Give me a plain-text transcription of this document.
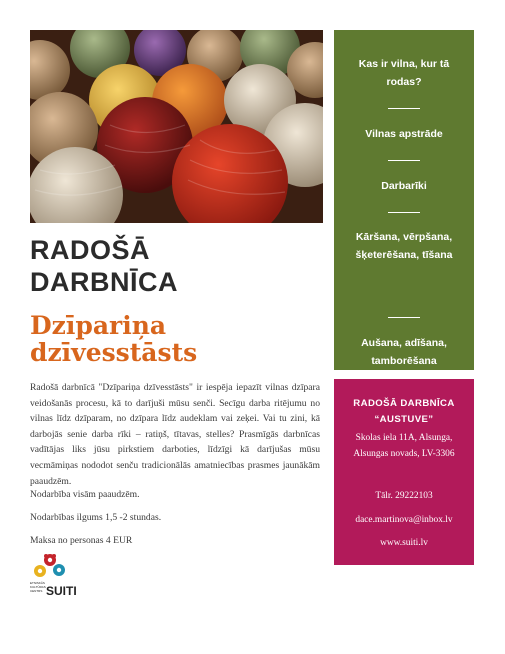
RADOŠĀ
DARBNĪCA
Dzīpariņa
dzīvesstāsts
Radošā darbnīcā "Dzīpariņa dzīvesstāsts" ir iespēja iepazīt vilnas dzīpara veidošanās procesu, kā to darījuši mūsu senči. Secīgu darba ritējumu no vilnas līdz dzīparam, no dzīpara līdz audeklam vai zeķei. Vai tu zini, kā darbojās senie darba rīki – ratiņš, tītavas, stelles? Prasmīgās darbnīcas vadītājas liks jūsu pirkstiem darboties, līdzīgi kā darījušas mūsu vecmāmiņas nododot senču tradicionālās amatniecības prasmes jaunākām paaudzēm.
Nodarbība visām paaudzēm.
Nodarbības ilgums 1,5 -2 stundas.
Maksa no personas 4 EUR
ETNISKĀS
KULTŪRAS
CENTRS SUITI
Kas ir vilna, kur tā rodas?
Vilnas apstrāde
Darbarīki
Kāršana, vērpšana, šķeterēšana, tīšana
Aušana, adīšana, tamborēšana
RADOŠĀ DARBNĪCA
“AUSTUVE”
Skolas iela 11A, Alsunga,
Alsungas novads, LV-3306
Tālr. 29222103
dace.martinova@inbox.lv
www.suiti.lv
